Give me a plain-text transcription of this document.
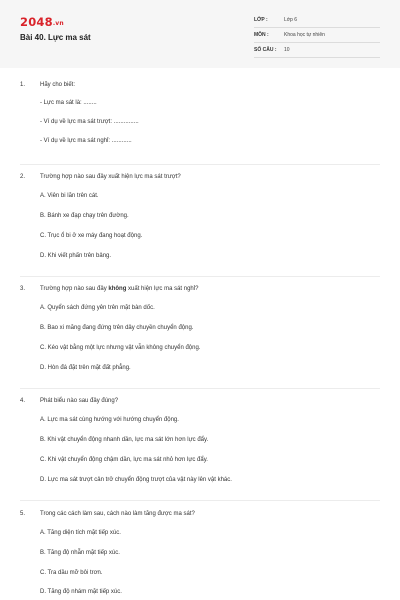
2048.vn
Bài 40. Lực ma sát
LỚP :	Lớp 6
MÔN :	Khoa học tự nhiên
SỐ CÂU : 10
1. Hãy cho biết:
- Lực ma sát là: ........
- Ví dụ về lực ma sát trượt: ...............
- Ví dụ về lực ma sát nghỉ: ............
2. Trường hợp nào sau đây xuất hiện lực ma sát trượt?
A. Viên bi lăn trên cát.
B. Bánh xe đạp chạy trên đường.
C. Trục ổ bi ở xe máy đang hoạt động.
D. Khi viết phấn trên bảng.
3. Trường hợp nào sau đây không xuất hiện lực ma sát nghỉ?
A. Quyển sách đứng yên trên mặt bàn dốc.
B. Bao xi măng đang đứng trên dây chuyền chuyển động.
C. Kéo vật bằng một lực nhưng vật vẫn không chuyển động.
D. Hòn đá đặt trên mặt đất phẳng.
4. Phát biểu nào sau đây đúng?
A. Lực ma sát cùng hướng với hướng chuyển động.
B. Khi vật chuyển động nhanh dần, lực ma sát lớn hơn lực đẩy.
C. Khi vật chuyển động chậm dần, lực ma sát nhỏ hơn lực đẩy.
D. Lực ma sát trượt cản trở chuyển động trượt của vật này lên vật khác.
5. Trong các cách làm sau, cách nào làm tăng được ma sát?
A. Tăng diện tích mặt tiếp xúc.
B. Tăng độ nhẵn mặt tiếp xúc.
C. Tra dầu mỡ bôi trơn.
D. Tăng độ nhám mặt tiếp xúc.
